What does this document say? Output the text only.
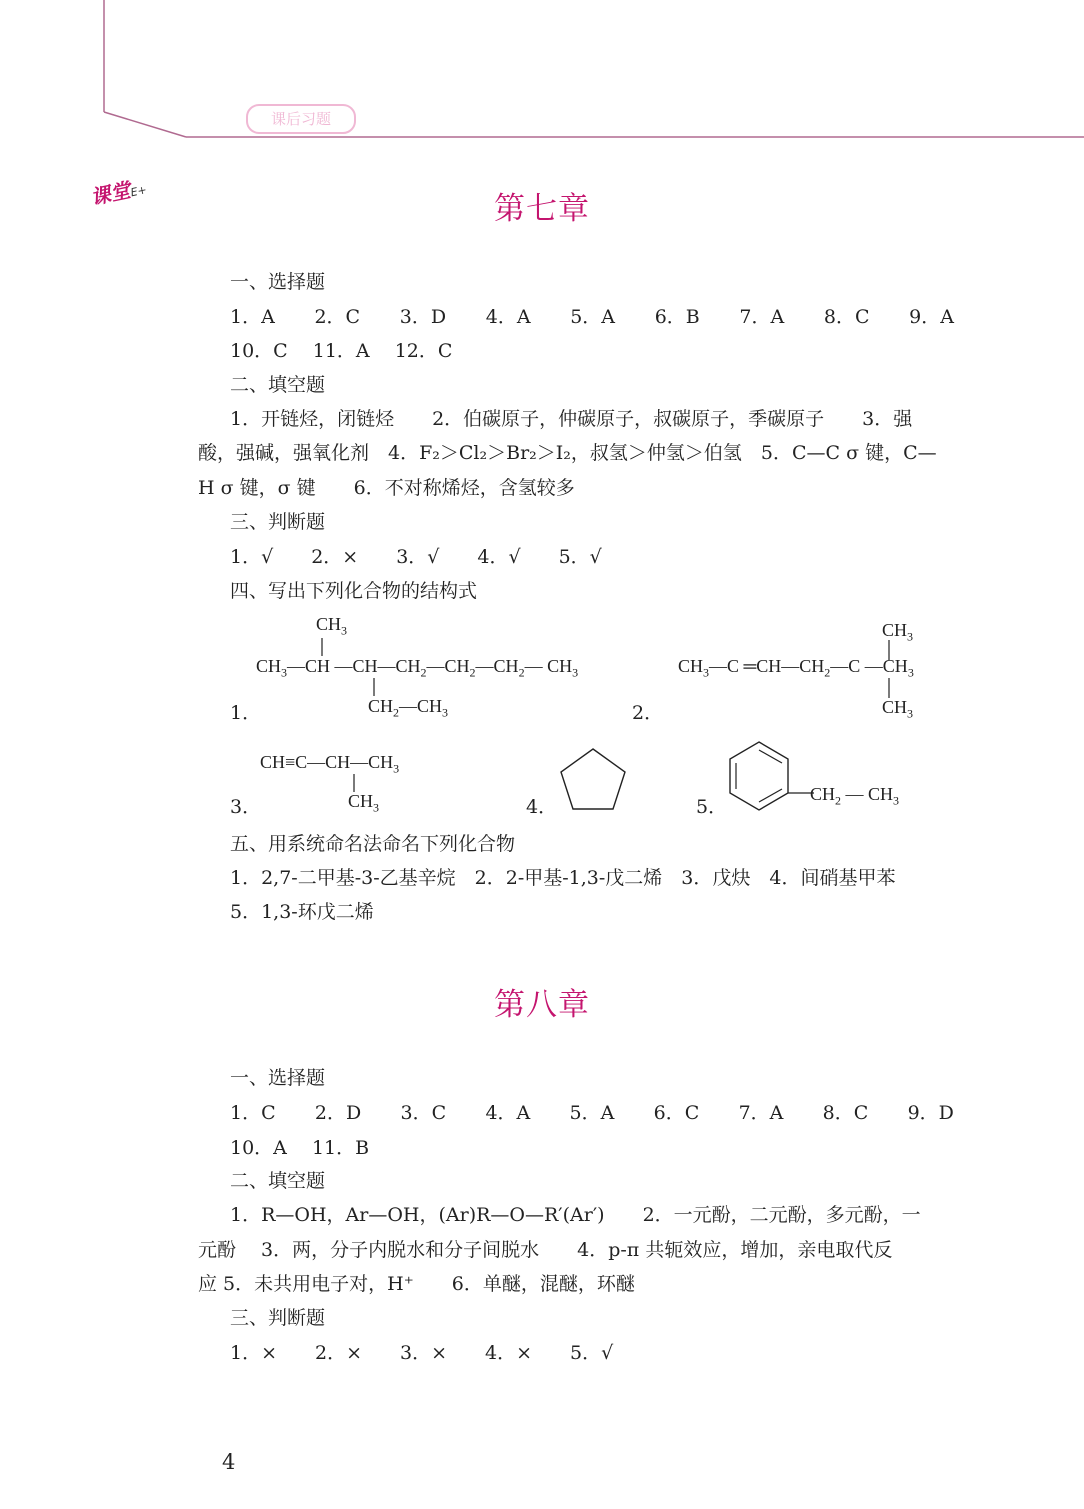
课后习题
课堂E+	第七章
一、选择题
1．A 2．C 3．D 4．A 5．A 6．B 7．A 8．C 9．A
10．C　 11．A　 12．C
二、填空题
1．开链烃，闭链烃　　2．伯碳原子，仲碳原子，叔碳原子，季碳原子　　3．强
酸，强碱，强氧化剂　4．F₂＞Cl₂＞Br₂＞I₂，叔氢＞仲氢＞伯氢　5．C—C σ 键，C—
H σ 键，σ 键　　6．不对称烯烃，含氢较多
三、判断题
1．√　　2．×　　3．√　　4．√　　5．√
四、写出下列化合物的结构式
1．
$CH_3$
$CH_3—CH$ $—CH—CH_2—CH_2—CH_2—$ $CH_3$
$CH_2—CH_3$	2．
$CH_3$
$CH_3—C$ $═CH—CH_2—C$ $—CH_3$
$CH_3$
3．
$CH\equiv C—CH—CH_3$
$CH_3$	4．	5．
$CH_2$ — $CH_3$
五、用系统命名法命名下列化合物
1．2,7-二甲基-3-乙基辛烷　2．2-甲基-1,3-戊二烯　3．戊炔　4．间硝基甲苯
5．1,3-环戊二烯
第八章
一、选择题
1．C 2．D 3．C 4．A 5．A 6．C 7．A 8．C 9．D
10．A　 11．B
二、填空题
1．R—OH，Ar—OH，(Ar)R—O—R′(Ar′)　　2．一元酚，二元酚，多元酚，一
元酚　 3．两，分子内脱水和分子间脱水　　4．p-π 共轭效应，增加，亲电取代反
应 5．未共用电子对，H⁺　　6．单醚，混醚，环醚
三、判断题
1．×　　2．×　　3．×　　4．×　　5．√
4
